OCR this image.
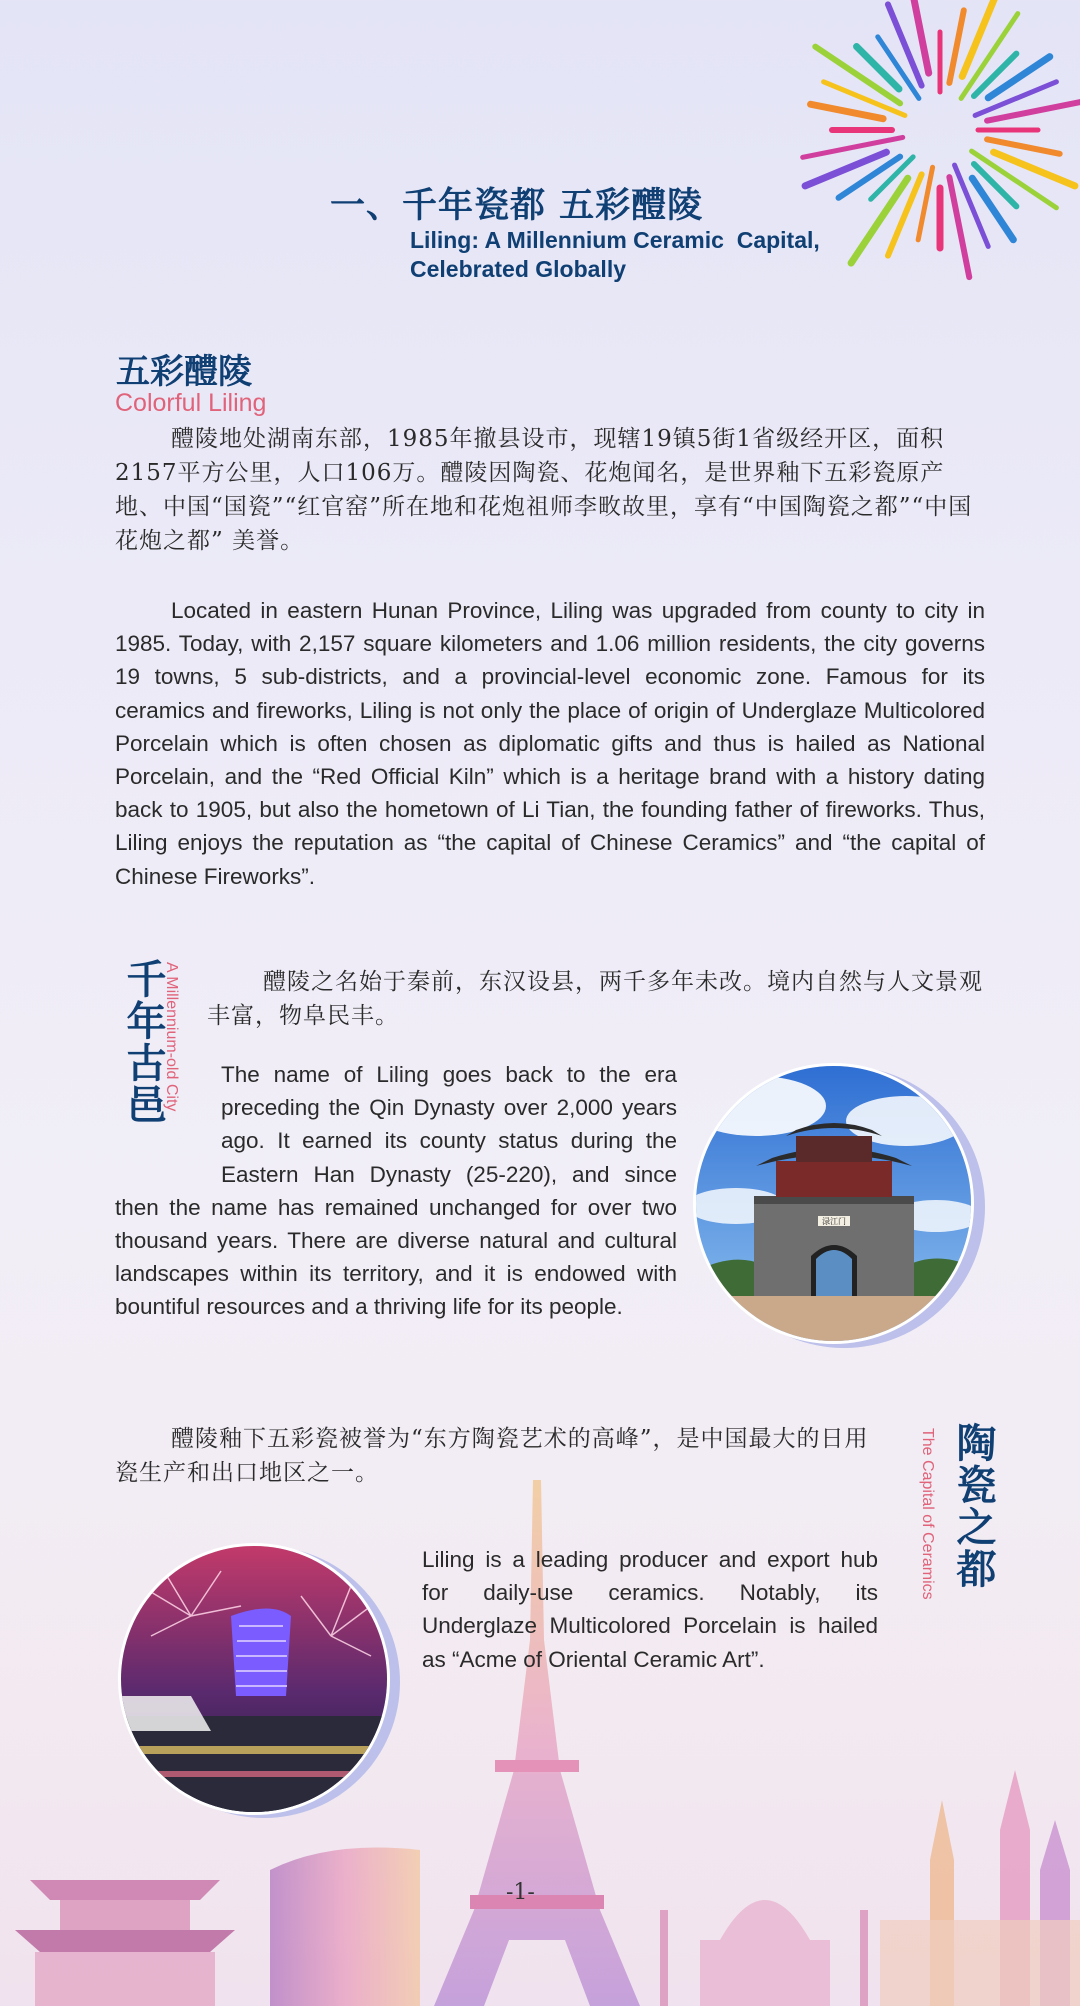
一、千年瓷都 五彩醴陵
Liling: A Millennium Ceramic  Capital,
Celebrated Globally
五彩醴陵
Colorful Liling
醴陵地处湖南东部，1985年撤县设市，现辖19镇5街1省级经开区，面积2157平方公里，人口106万。醴陵因陶瓷、花炮闻名，是世界釉下五彩瓷原产地、中国“国瓷”“红官窑”所在地和花炮祖师李畋故里，享有“中国陶瓷之都”“中国花炮之都” 美誉。
Located in eastern Hunan Province, Liling was upgraded from county to city in 1985. Today, with 2,157 square kilometers and 1.06 million residents, the city governs 19 towns, 5 sub-districts, and a provincial-level economic zone. Famous for its ceramics and fireworks, Liling is not only the place of origin of Underglaze Multicolored Porcelain which is often chosen as diplomatic gifts and thus is hailed as National Porcelain, and the “Red Official Kiln” which is a heritage brand with a history dating back to 1905, but also the hometown of Li Tian, the founding father of fireworks. Thus, Liling enjoys the reputation as “the capital of Chinese Ceramics” and “the capital of Chinese Fireworks”.
千年古邑
A Millennium-old City	醴陵之名始于秦前，东汉设县，两千多年未改。境内自然与人文景观丰富，物阜民丰。
The name of Liling goes back to the era preceding the Qin Dynasty over 2,000 years ago. It earned its county status during the Eastern Han Dynasty (25-220), and since then the name has remained unchanged for over two thousand years. There are diverse natural and cultural landscapes within its territory, and it is endowed with bountiful resources and a thriving life for its people.
渌江门
醴陵釉下五彩瓷被誉为“东方陶瓷艺术的高峰”，是中国最大的日用瓷生产和出口地区之一。	陶瓷之都
The Capital of Ceramics
Liling is a leading producer and export hub for daily-use ceramics. Notably, its Underglaze Multicolored Porcelain is hailed as “Acme of Oriental Ceramic Art”.
-1-
